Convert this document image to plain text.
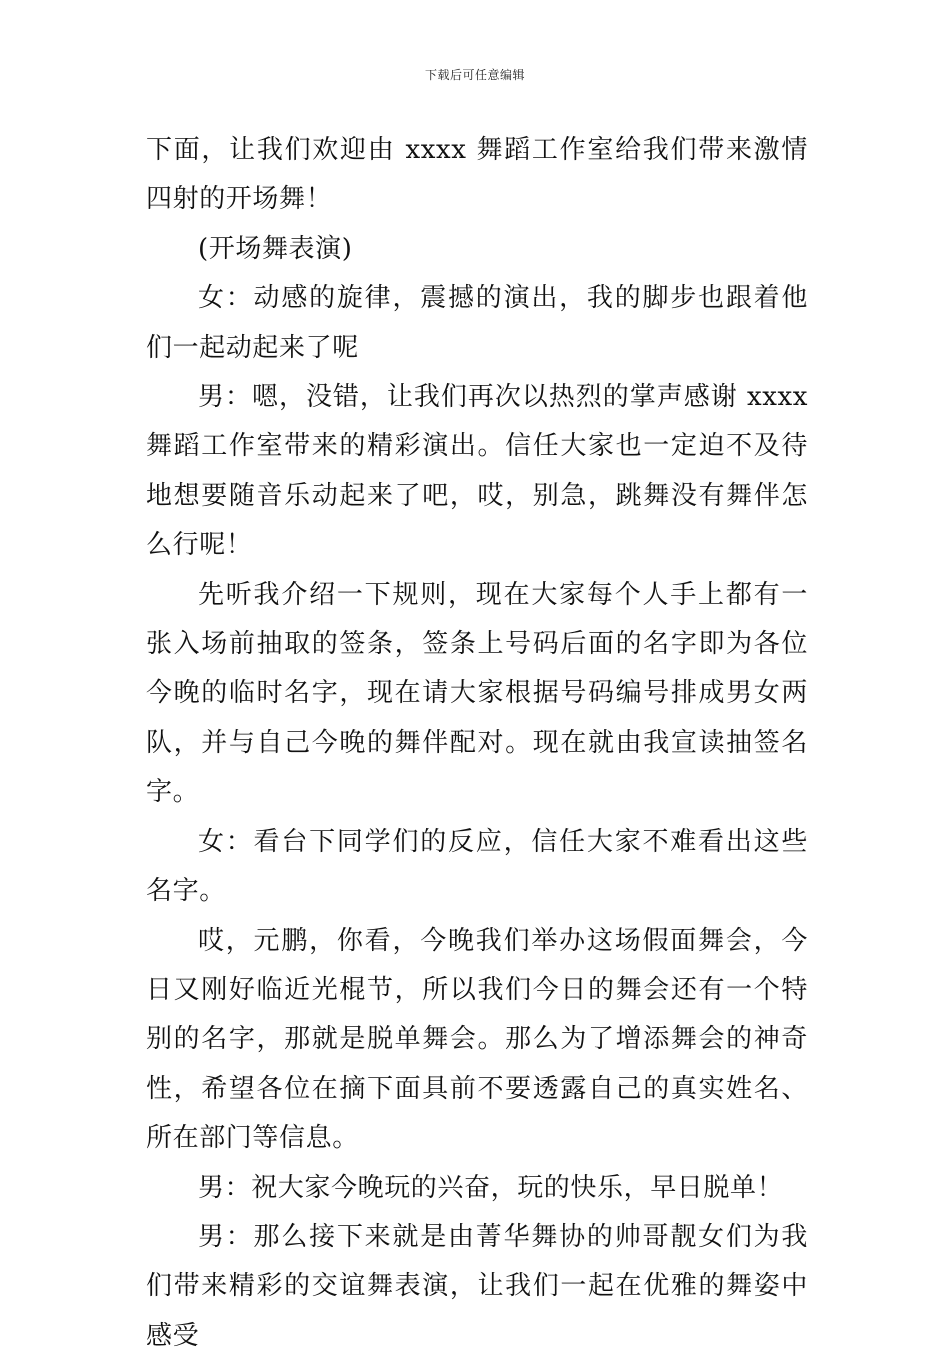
下载后可任意编辑

下面，让我们欢迎由 xxxx 舞蹈工作室给我们带来激情四射的开场舞！

(开场舞表演)

女：动感的旋律，震撼的演出，我的脚步也跟着他们一起动起来了呢

男：嗯，没错，让我们再次以热烈的掌声感谢 xxxx 舞蹈工作室带来的精彩演出。信任大家也一定迫不及待地想要随音乐动起来了吧，哎，别急，跳舞没有舞伴怎么行呢！

先听我介绍一下规则，现在大家每个人手上都有一张入场前抽取的签条，签条上号码后面的名字即为各位今晚的临时名字，现在请大家根据号码编号排成男女两队，并与自己今晚的舞伴配对。现在就由我宣读抽签名字。

女：看台下同学们的反应，信任大家不难看出这些名字。

哎，元鹏，你看，今晚我们举办这场假面舞会，今日又刚好临近光棍节，所以我们今日的舞会还有一个特别的名字，那就是脱单舞会。那么为了增添舞会的神奇性，希望各位在摘下面具前不要透露自己的真实姓名、所在部门等信息。

男：祝大家今晚玩的兴奋，玩的快乐，早日脱单！

男：那么接下来就是由菁华舞协的帅哥靓女们为我们带来精彩的交谊舞表演，让我们一起在优雅的舞姿中感受
